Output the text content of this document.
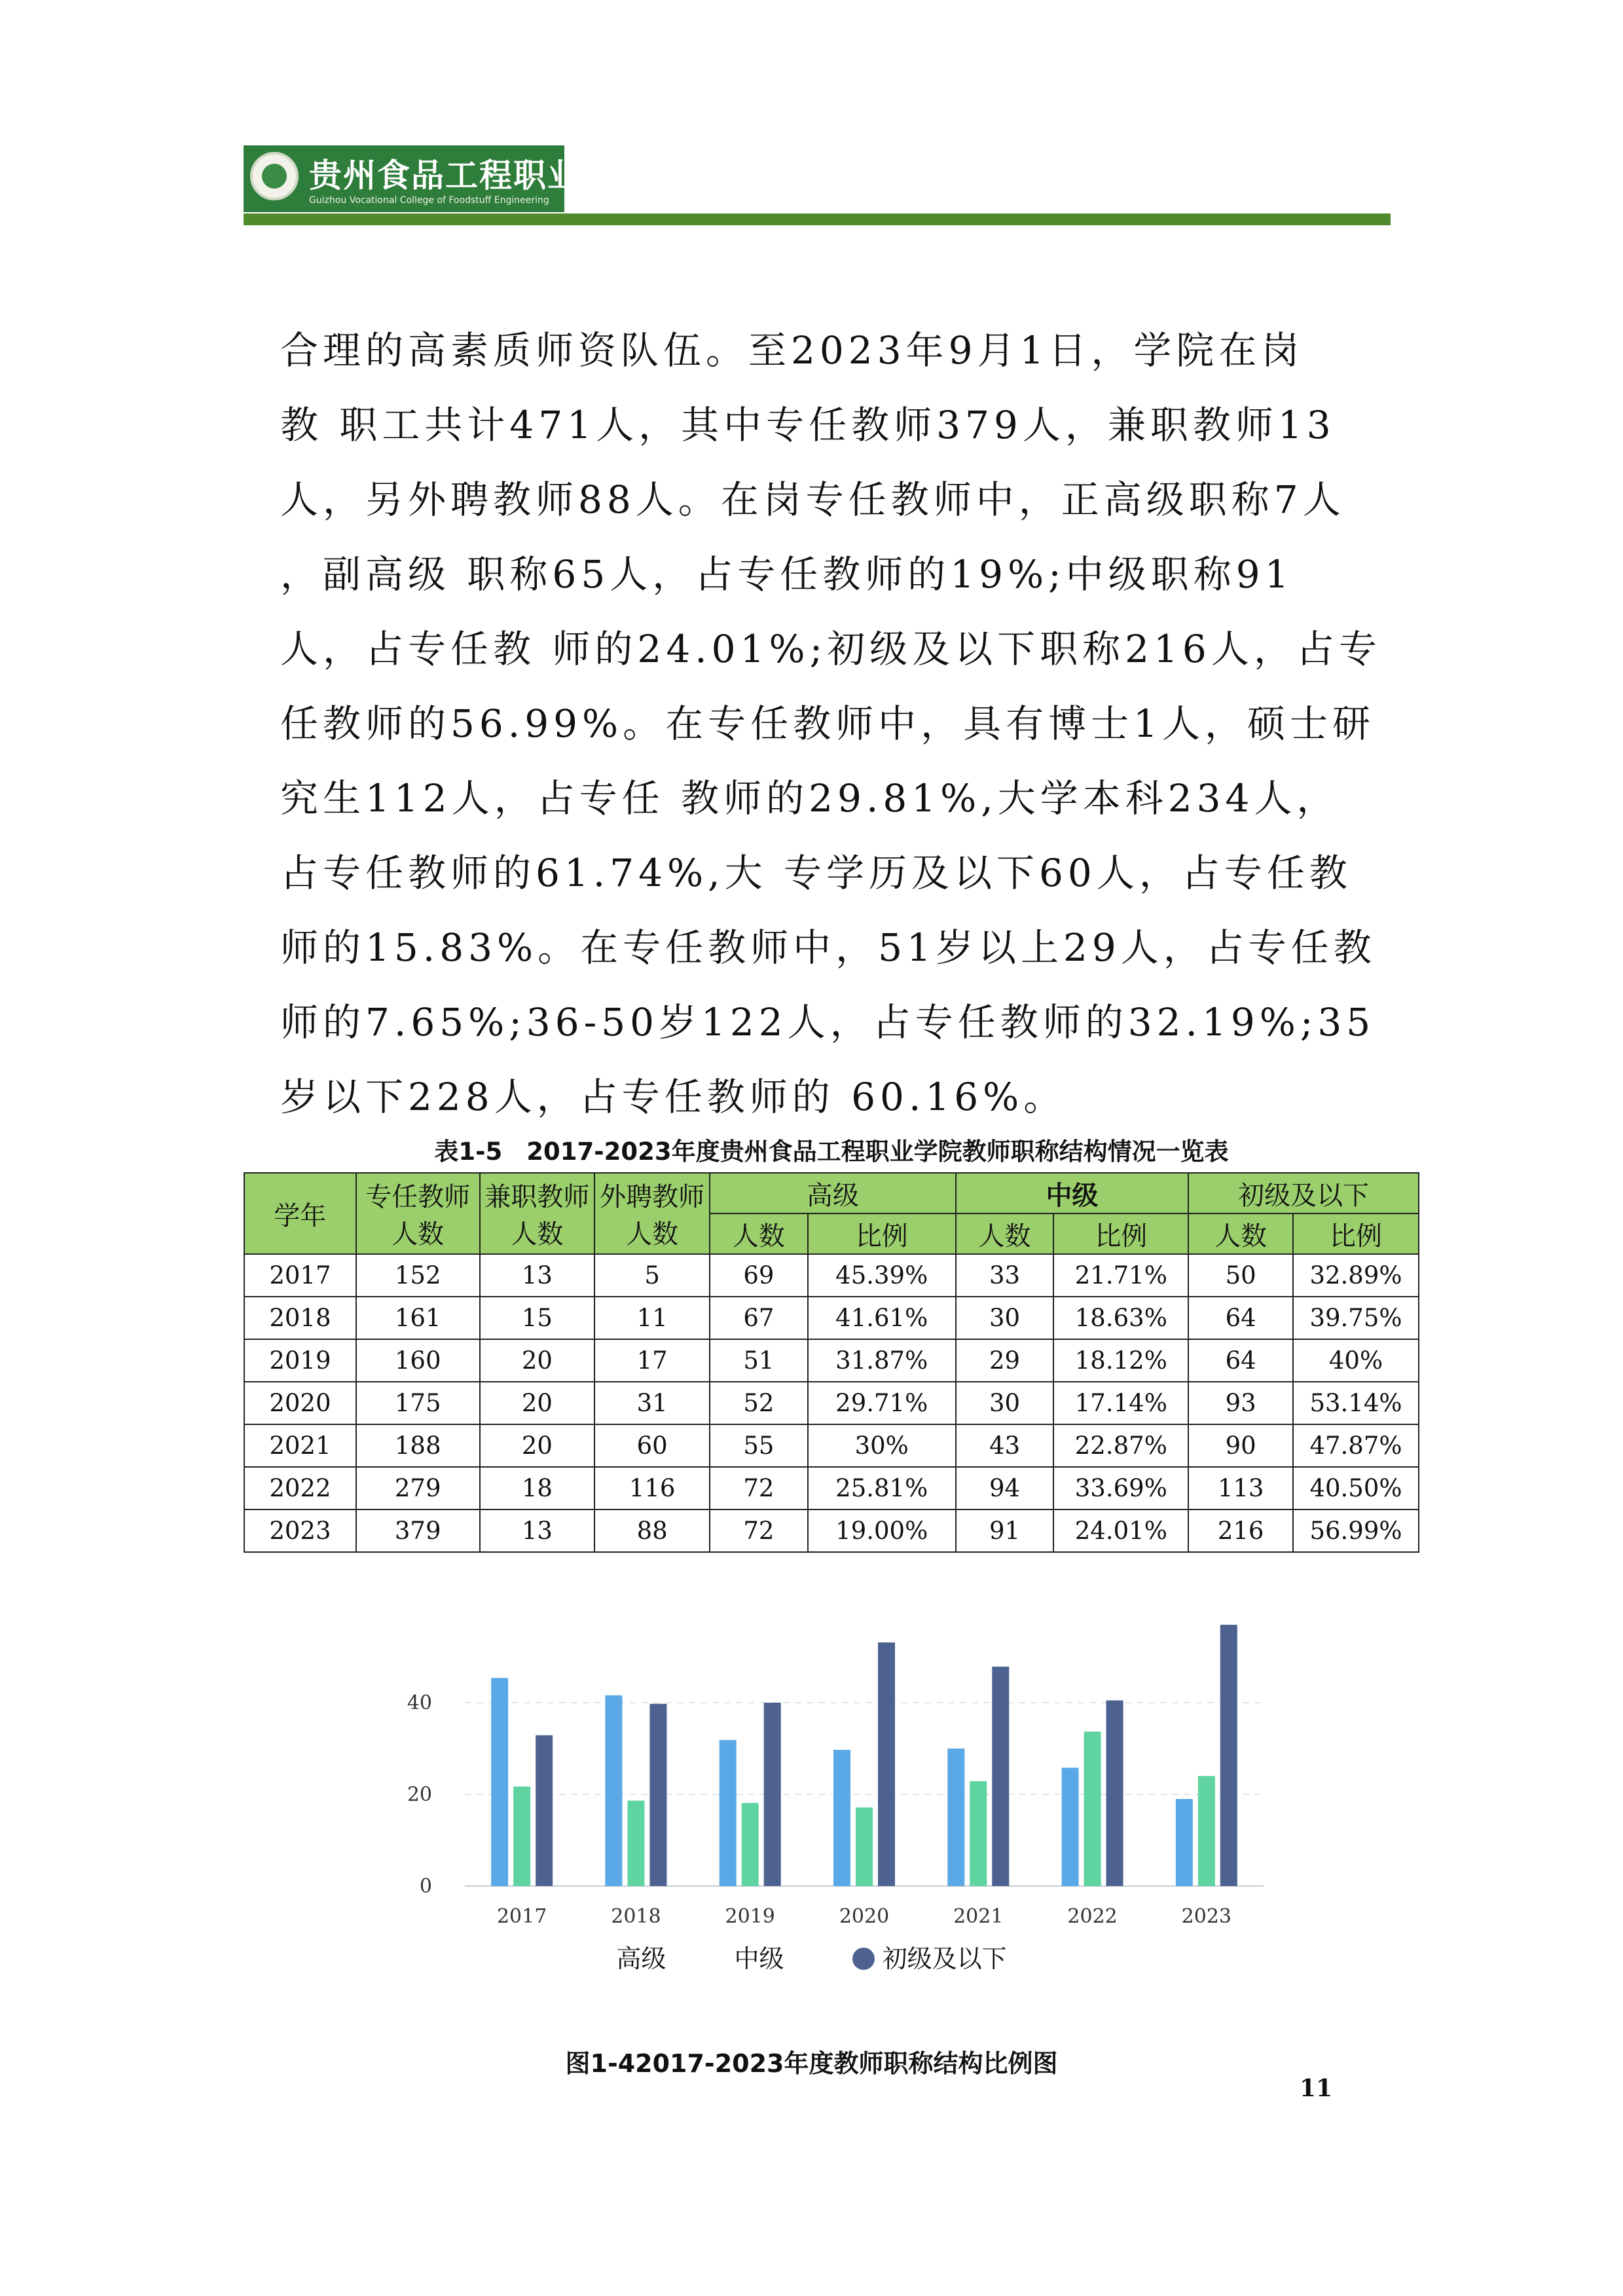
贵州食品工程职业学院
Guizhou Vocational College of Foodstuff Engineering

合理的高素质师资队伍。至2023年9月1日，学院在岗

教 职工共计471人，其中专任教师379人，兼职教师13

人，另外聘教师88人。在岗专任教师中，正高级职称7人

，副高级 职称65人，占专任教师的19%;中级职称91

人，占专任教 师的24.01%;初级及以下职称216人，占专

任教师的56.99%。在专任教师中，具有博士1人，硕士研

究生112人，占专任 教师的29.81%,大学本科234人，

占专任教师的61.74%,大 专学历及以下60人，占专任教

师的15.83%。在专任教师中，51岁以上29人，占专任教

师的7.65%;36-50岁122人，占专任教师的32.19%;35

岁以下228人，占专任教师的 60.16%。

表1-5　2017-2023年度贵州食品工程职业学院教师职称结构情况一览表
学年	专任教师人数	兼职教师人数	外聘教师人数	高级		中级		初级及以下	
				人数	比例	人数	比例	人数	比例
2017	152	13	5	69	45.39%	33	21.71%	50	32.89%
2018	161	15	11	67	41.61%	30	18.63%	64	39.75%
2019	160	20	17	51	31.87%	29	18.12%	64	40%
2020	175	20	31	52	29.71%	30	17.14%	93	53.14%
2021	188	20	60	55	30%	43	22.87%	90	47.87%
2022	279	18	116	72	25.81%	94	33.69%	113	40.50%
2023	379	13	88	72	19.00%	91	24.01%	216	56.99%
0
20
40
2017	2018	2019	2020	2021	2022	2023
高级	中级	初级及以下
图1-42017-2023年度教师职称结构比例图
11
